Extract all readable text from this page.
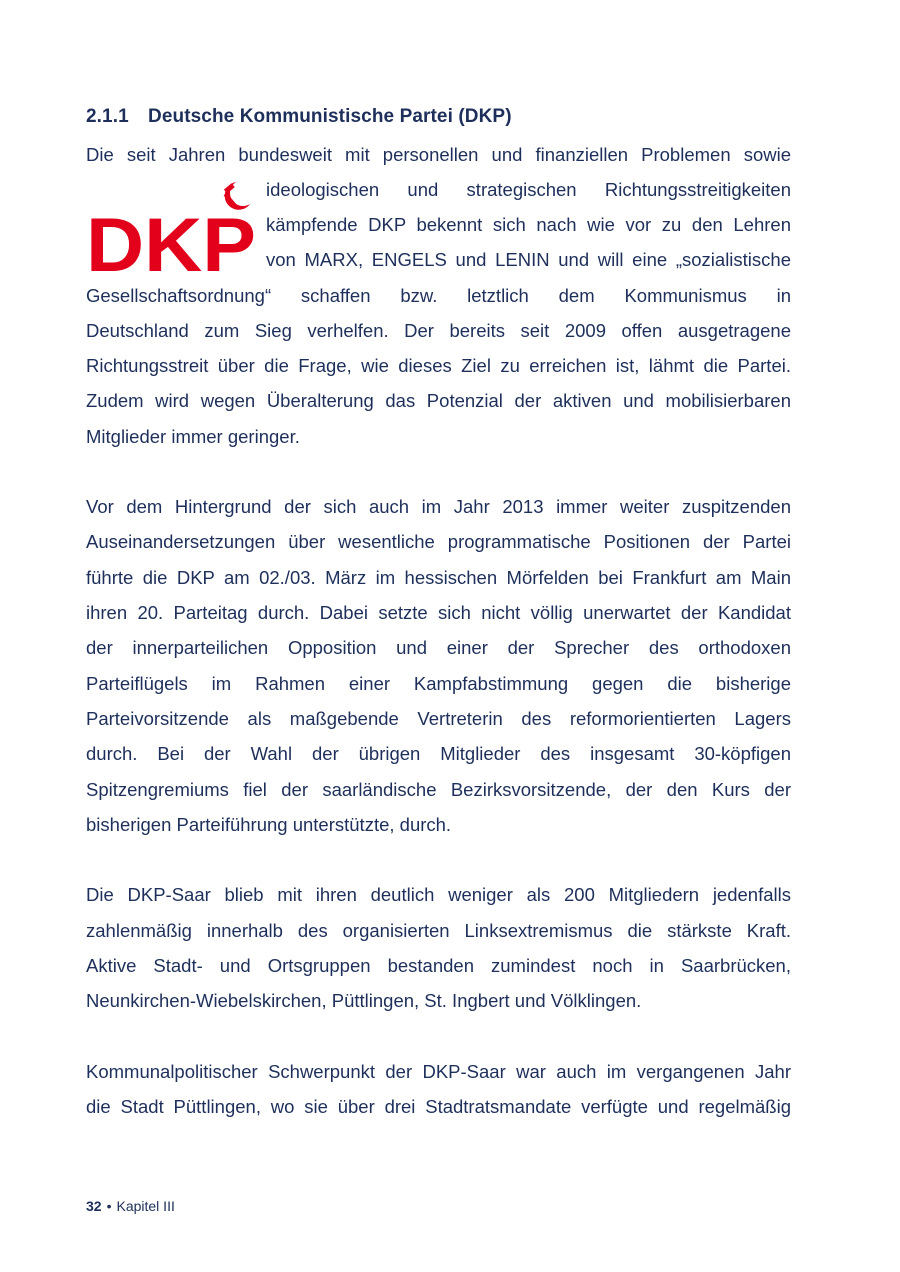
2.1.1 Deutsche Kommunistische Partei (DKP)
DKP
Die seit Jahren bundesweit mit personellen und finanziellen Problemen sowie
ideologischen und strategischen Richtungsstreitigkeiten
kämpfende DKP bekennt sich nach wie vor zu den Lehren
von MARX, ENGELS und LENIN und will eine „sozialistische
Gesellschaftsordnung“ schaffen bzw. letztlich dem Kommunismus in
Deutschland zum Sieg verhelfen. Der bereits seit 2009 offen ausgetragene
Richtungsstreit über die Frage, wie dieses Ziel zu erreichen ist, lähmt die Partei.
Zudem wird wegen Überalterung das Potenzial der aktiven und mobilisierbaren
Mitglieder immer geringer.
Vor dem Hintergrund der sich auch im Jahr 2013 immer weiter zuspitzenden
Auseinandersetzungen über wesentliche programmatische Positionen der Partei
führte die DKP am 02./03. März im hessischen Mörfelden bei Frankfurt am Main
ihren 20. Parteitag durch. Dabei setzte sich nicht völlig unerwartet der Kandidat
der innerparteilichen Opposition und einer der Sprecher des orthodoxen
Parteiflügels im Rahmen einer Kampfabstimmung gegen die bisherige
Parteivorsitzende als maßgebende Vertreterin des reformorientierten Lagers
durch. Bei der Wahl der übrigen Mitglieder des insgesamt 30-köpfigen
Spitzengremiums fiel der saarländische Bezirksvorsitzende, der den Kurs der
bisherigen Parteiführung unterstützte, durch.
Die DKP-Saar blieb mit ihren deutlich weniger als 200 Mitgliedern jedenfalls
zahlenmäßig innerhalb des organisierten Linksextremismus die stärkste Kraft.
Aktive Stadt- und Ortsgruppen bestanden zumindest noch in Saarbrücken,
Neunkirchen-Wiebelskirchen, Püttlingen, St. Ingbert und Völklingen.
Kommunalpolitischer Schwerpunkt der DKP-Saar war auch im vergangenen Jahr
die Stadt Püttlingen, wo sie über drei Stadtratsmandate verfügte und regelmäßig
32 • Kapitel III
